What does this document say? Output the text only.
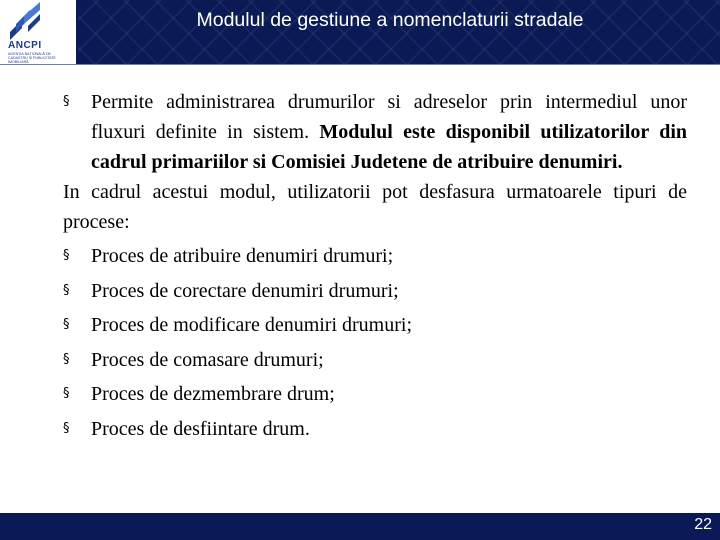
ANCPI
AGENȚIA NAȚIONALĂ DE CADASTRU ȘI PUBLICITATE IMOBILIARĂ
Modulul de gestiune a nomenclaturii stradale
§	Permite administrarea drumurilor si adreselor prin intermediul unor fluxuri definite in sistem. Modulul este disponibil utilizatorilor din cadrul primariilor si Comisiei Judetene de atribuire denumiri.
In cadrul acestui modul, utilizatorii pot desfasura urmatoarele tipuri de procese:
§	Proces de atribuire denumiri drumuri;
§	Proces de corectare denumiri drumuri;
§	Proces de modificare denumiri drumuri;
§	Proces de comasare drumuri;
§	Proces de dezmembrare drum;
§	Proces de desfiintare drum.
22
